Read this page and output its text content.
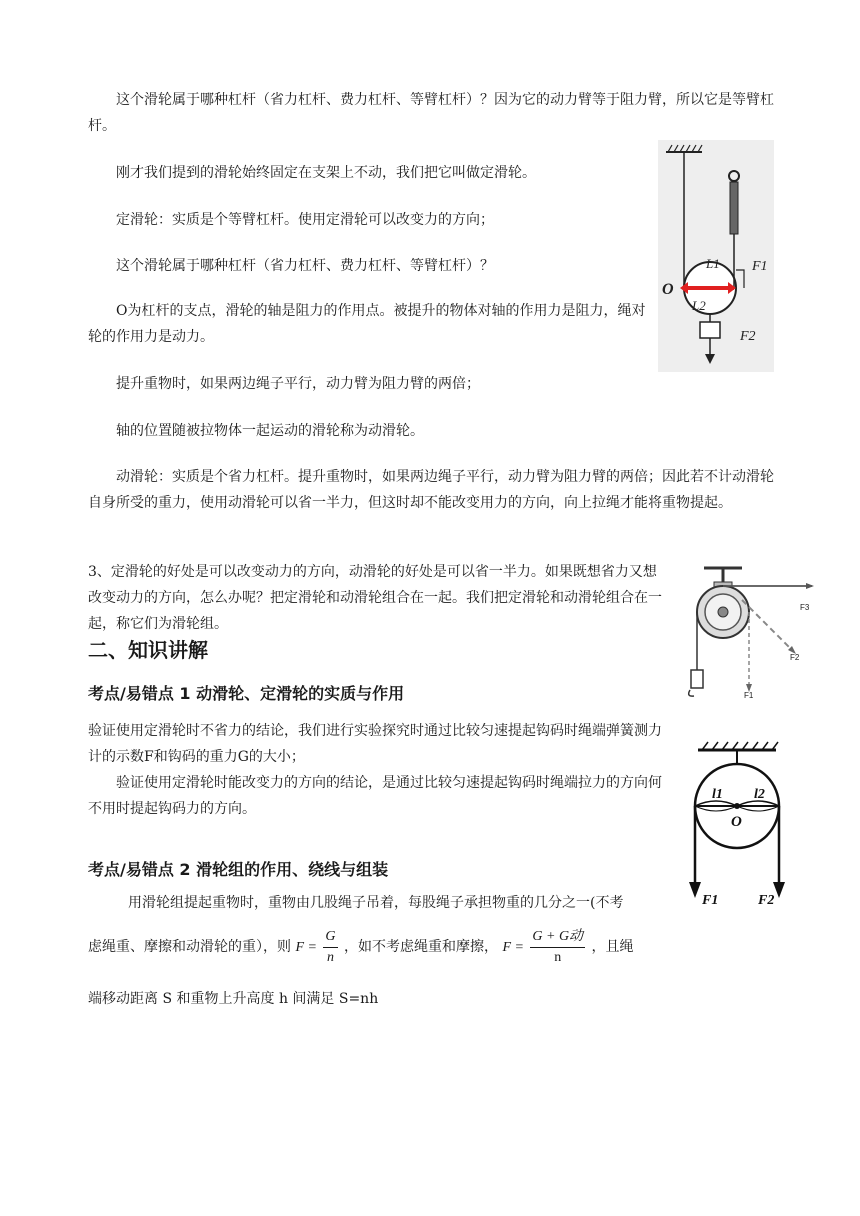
这个滑轮属于哪种杠杆（省力杠杆、费力杠杆、等臂杠杆）？因为它的动力臂等于阻力臂，所以它是等臂杠杆。
刚才我们提到的滑轮始终固定在支架上不动，我们把它叫做定滑轮。
定滑轮：实质是个等臂杠杆。使用定滑轮可以改变力的方向；
这个滑轮属于哪种杠杆（省力杠杆、费力杠杆、等臂杠杆）？
O为杠杆的支点，滑轮的轴是阻力的作用点。被提升的物体对轴的作用力是阻力，绳对轮的作用力是动力。
提升重物时，如果两边绳子平行，动力臂为阻力臂的两倍；
轴的位置随被拉物体一起运动的滑轮称为动滑轮。
动滑轮：实质是个省力杠杆。提升重物时，如果两边绳子平行，动力臂为阻力臂的两倍；因此若不计动滑轮自身所受的重力，使用动滑轮可以省一半力，但这时却不能改变用力的方向，向上拉绳才能将重物提起。
3、定滑轮的好处是可以改变动力的方向，动滑轮的好处是可以省一半力。如果既想省力又想改变动力的方向，怎么办呢？把定滑轮和动滑轮组合在一起。我们把定滑轮和动滑轮组合在一起，称它们为滑轮组。
二、知识讲解
考点/易错点 1 动滑轮、定滑轮的实质与作用
验证使用定滑轮时不省力的结论，我们进行实验探究时通过比较匀速提起钩码时绳端弹簧测力计的示数F和钩码的重力G的大小；
验证使用定滑轮时能改变力的方向的结论，是通过比较匀速提起钩码时绳端拉力的方向何不用时提起钩码力的方向。
考点/易错点 2 滑轮组的作用、绕线与组装
用滑轮组提起重物时，重物由几股绳子吊着，每股绳子承担物重的几分之一(不考
虑绳重、摩擦和动滑轮的重），则 $F = \frac{G}{n}$ ，如不考虑绳重和摩擦， $F = \frac{\text{G + G动}}{n}$ ，且绳
端移动距离 S 和重物上升高度 h 间满足 S=nh
L1
L2
O
F1
F2
F3
F2
F1
l1 l2
O
F1	F2
